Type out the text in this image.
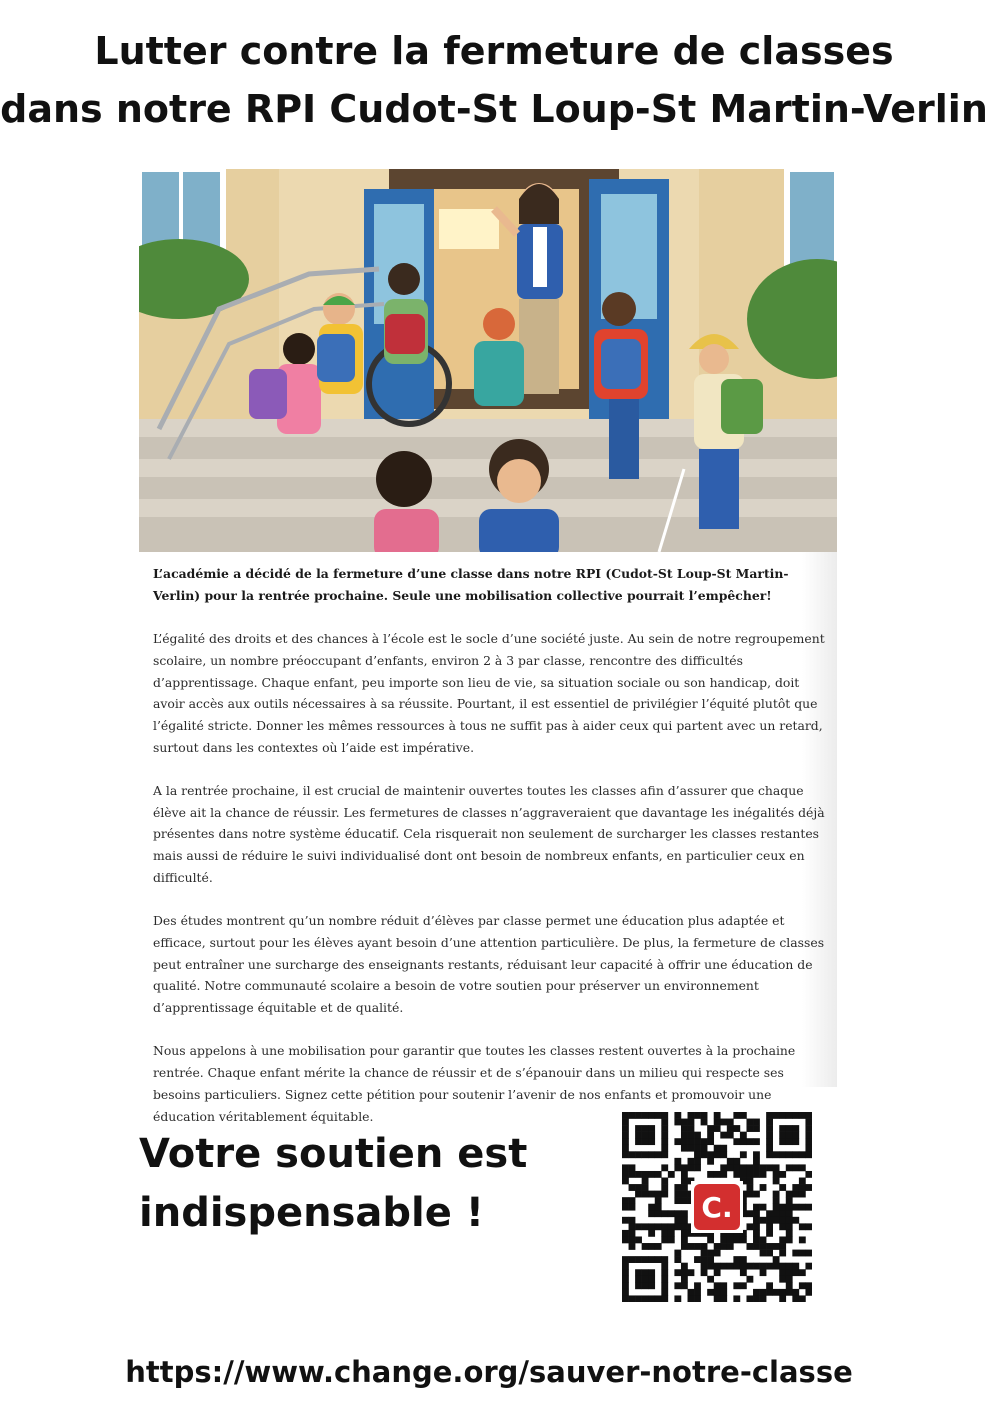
Lutter contre la fermeture de classes
dans notre RPI Cudot-St Loup-St Martin-Verlin

L’académie a décidé de la fermeture d’une classe dans notre RPI (Cudot-St Loup-St Martin-Verlin) pour la rentrée prochaine. Seule une mobilisation collective pourrait l’empêcher!

L’égalité des droits et des chances à l’école est le socle d’une société juste. Au sein de notre regroupement scolaire, un nombre préoccupant d’enfants, environ 2 à 3 par classe, rencontre des difficultés d’apprentissage. Chaque enfant, peu importe son lieu de vie, sa situation sociale ou son handicap, doit avoir accès aux outils nécessaires à sa réussite. Pourtant, il est essentiel de privilégier l’équité plutôt que l’égalité stricte. Donner les mêmes ressources à tous ne suffit pas à aider ceux qui partent avec un retard, surtout dans les contextes où l’aide est impérative.

A la rentrée prochaine, il est crucial de maintenir ouvertes toutes les classes afin d’assurer que chaque élève ait la chance de réussir. Les fermetures de classes n’aggraveraient que davantage les inégalités déjà présentes dans notre système éducatif. Cela risquerait non seulement de surcharger les classes restantes mais aussi de réduire le suivi individualisé dont ont besoin de nombreux enfants, en particulier ceux en difficulté.

Des études montrent qu’un nombre réduit d’élèves par classe permet une éducation plus adaptée et efficace, surtout pour les élèves ayant besoin d’une attention particulière. De plus, la fermeture de classes peut entraîner une surcharge des enseignants restants, réduisant leur capacité à offrir une éducation de qualité. Notre communauté scolaire a besoin de votre soutien pour préserver un environnement d’apprentissage équitable et de qualité.

Nous appelons à une mobilisation pour garantir que toutes les classes restent ouvertes à la prochaine rentrée. Chaque enfant mérite la chance de réussir et de s’épanouir dans un milieu qui respecte ses besoins particuliers. Signez cette pétition pour soutenir l’avenir de nos enfants et promouvoir une éducation véritablement équitable.

Votre soutien est
indispensable !	C.
https://www.change.org/sauver-notre-classe
